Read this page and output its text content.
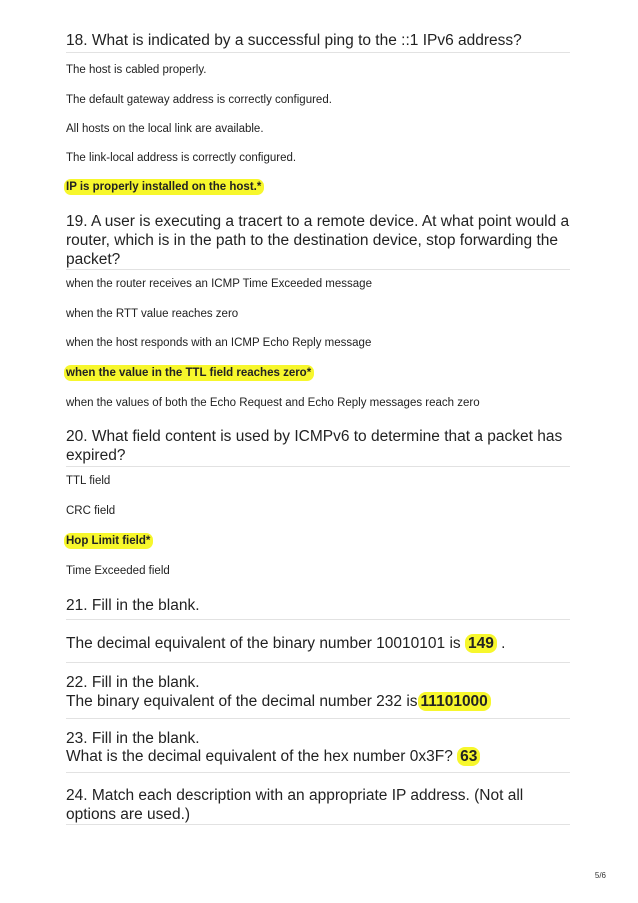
18. What is indicated by a successful ping to the ::1 IPv6 address?
The host is cabled properly.
The default gateway address is correctly configured.
All hosts on the local link are available.
The link-local address is correctly configured.
IP is properly installed on the host.*
19. A user is executing a tracert to a remote device. At what point would a router, which is in the path to the destination device, stop forwarding the packet?
when the router receives an ICMP Time Exceeded message
when the RTT value reaches zero
when the host responds with an ICMP Echo Reply message
when the value in the TTL field reaches zero*
when the values of both the Echo Request and Echo Reply messages reach zero
20. What field content is used by ICMPv6 to determine that a packet has expired?
TTL field
CRC field
Hop Limit field*
Time Exceeded field
21. Fill in the blank.
The decimal equivalent of the binary number 10010101 is 149 .
22. Fill in the blank.
The binary equivalent of the decimal number 232 is 11101000
23. Fill in the blank.
What is the decimal equivalent of the hex number 0x3F? 63
24. Match each description with an appropriate IP address. (Not all options are used.)
5/6
